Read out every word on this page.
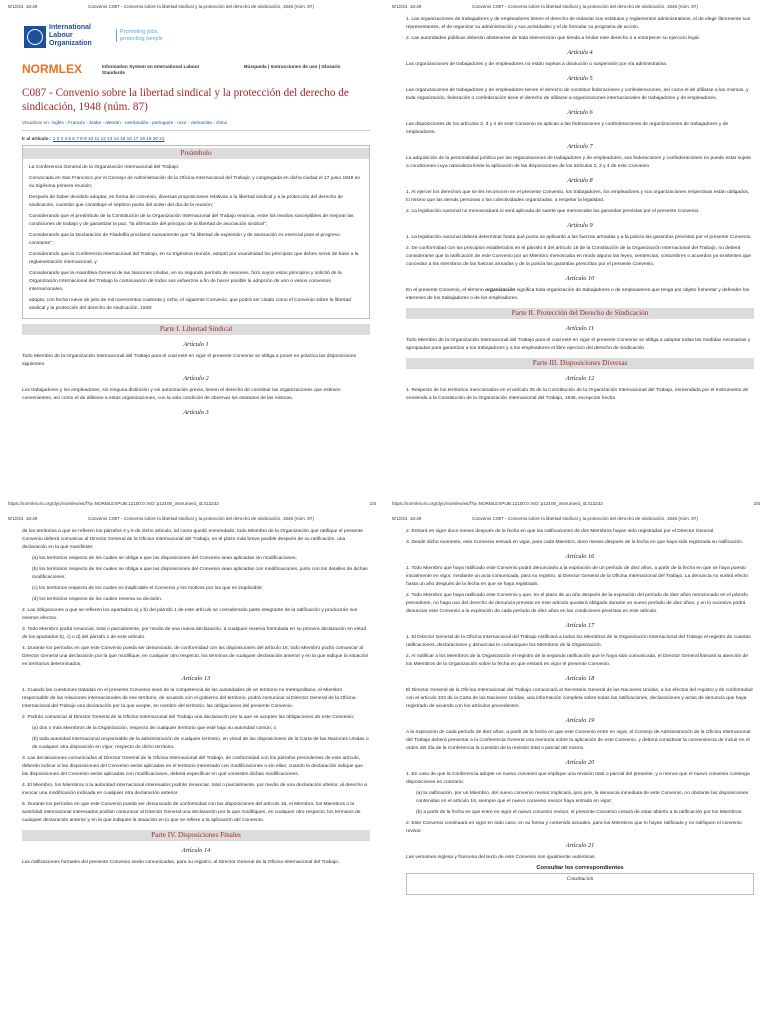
9/12/24, 16:49	Convenio C087 - Convenio sobre la libertad sindical y la protección del derecho de sindicación, 1948 (núm. 87)
International
Labour
Organization
Promoting jobs,
protecting people
NORMLEX	Information System on International Labour Standards
Búsqueda | Instrucciones de uso | Glosario
C087 - Convenio sobre la libertad sindical y la protección del derecho de sindicación, 1948 (núm. 87)
Visualizar en: Inglés - Francés - árabe - alemán - neerlandés - portugués - ruso - vietnamita - chino
Ir al artículo : 1 2 3 4 5 6 7 8 9 10 11 12 13 14 15 16 17 18 19 20 21
Preámbulo

La Conferencia General de la Organización Internacional del Trabajo:

Convocada en San Francisco por el Consejo de Administración de la Oficina Internacional del Trabajo, y congregada en dicha ciudad el 17 junio 1948 en su trigésima primera reunión;

Después de haber decidido adoptar, en forma de convenio, diversas proposiciones relativas a la libertad sindical y a la protección del derecho de sindicación, cuestión que constituye el séptimo punto del orden del día de la reunión;

Considerando que el preámbulo de la Constitución de la Organización Internacional del Trabajo enuncia, entre los medios susceptibles de mejorar las condiciones de trabajo y de garantizar la paz, "la afirmación del principio de la libertad de asociación sindical";

Considerando que la Declaración de Filadelfia proclamó nuevamente que "la libertad de expresión y de asociación es esencial para el progreso constante" ;

Considerando que la Conferencia Internacional del Trabajo, en su trigésima reunión, adoptó por unanimidad los principios que deben servir de base a la reglamentación internacional, y

Considerando que la Asamblea General de las Naciones Unidas, en su segundo período de sesiones, hizo suyos estos principios y solicitó de la Organización Internacional del Trabajo la continuación de todos sus esfuerzos a fin de hacer posible la adopción de uno o varios convenios internacionales,

adopta, con fecha nueve de julio de mil novecientos cuarenta y ocho, el siguiente Convenio, que podrá ser citado como el Convenio sobre la libertad sindical y la protección del derecho de sindicación, 1948:

Parte I. Libertad Sindical
Artículo 1

Todo Miembro de la Organización Internacional del Trabajo para el cual esté en vigor el presente Convenio se obliga a poner en práctica las disposiciones siguientes.

Artículo 2

Los trabajadores y los empleadores, sin ninguna distinción y sin autorización previa, tienen el derecho de constituir las organizaciones que estimen convenientes, así como el de afiliarse a estas organizaciones, con la sola condición de observar los estatutos de las mismas.

Artículo 3
https://normlex.ilo.org/dyn/normlex/es/f?p=NORMLEXPUB:12100:0::NO::p12100_instrument_id:312232	1/5
9/12/24, 16:49	Convenio C087 - Convenio sobre la libertad sindical y la protección del derecho de sindicación, 1948 (núm. 87)

1. Las organizaciones de trabajadores y de empleadores tienen el derecho de redactar sus estatutos y reglamentos administrativos, el de elegir libremente sus representantes, el de organizar su administración y sus actividades y el de formular su programa de acción.

2. Las autoridades públicas deberán abstenerse de toda intervención que tienda a limitar este derecho o a entorpecer su ejercicio legal.

Artículo 4

Las organizaciones de trabajadores y de empleadores no están sujetas a disolución o suspensión por vía administrativa.

Artículo 5

Las organizaciones de trabajadores y de empleadores tienen el derecho de constituir federaciones y confederaciones, así como el de afiliarse a las mismas, y toda organización, federación o confederación tiene el derecho de afiliarse a organizaciones internacionales de trabajadores y de empleadores.

Artículo 6

Las disposiciones de los artículos 2, 3 y 4 de este Convenio se aplican a las federaciones y confederaciones de organizaciones de trabajadores y de empleadores.

Artículo 7

La adquisición de la personalidad jurídica por las organizaciones de trabajadores y de empleadores, sus federaciones y confederaciones no puede estar sujeta a condiciones cuya naturaleza limite la aplicación de las disposiciones de los artículos 2, 3 y 4 de este Convenio

Artículo 8

1. Al ejercer los derechos que se les reconocen en el presente Convenio, los trabajadores, los empleadores y sus organizaciones respectivas están obligados, lo mismo que las demás personas o las colectividades organizadas, a respetar la legalidad.

2. La legislación nacional no menoscabará ni será aplicada de suerte que menoscabe las garantías previstas por el presente Convenio.

Artículo 9

1. La legislación nacional deberá determinar hasta qué punto se aplicarán a las fuerzas armadas y a la policía las garantías previstas por el presente Convenio.

2. De conformidad con los principios establecidos en el párrafo 8 del artículo 19 de la Constitución de la Organización Internacional del Trabajo, no deberá considerarse que la ratificación de este Convenio por un Miembro menoscaba en modo alguno las leyes, sentencias, costumbres o acuerdos ya existentes que concedan a los miembros de las fuerzas armadas y de la policía las garantías prescritas por el presente Convenio.

Artículo 10

En el presente Convenio, el término organización significa toda organización de trabajadores o de empleadores que tenga por objeto fomentar y defender los intereses de los trabajadores o de los empleadores.

Parte II. Protección del Derecho de Sindicación
Artículo 11

Todo Miembro de la Organización Internacional del Trabajo para el cual esté en vigor el presente Convenio se obliga a adoptar todas las medidas necesarias y apropiadas para garantizar a los trabajadores y a los empleadores el libre ejercicio del derecho de sindicación.

Parte III. Disposiciones Diversas
Artículo 12

1. Respecto de los territorios mencionados en el artículo 35 de la Constitución de la Organización Internacional del Trabajo, enmendada por el Instrumento de enmienda a la Constitución de la Organización Internacional del Trabajo, 1946, excepción hecha

https://normlex.ilo.org/dyn/normlex/es/f?p=NORMLEXPUB:12100:0::NO::p12100_instrument_id:312232	2/5
9/12/24, 16:49	Convenio C087 - Convenio sobre la libertad sindical y la protección del derecho de sindicación, 1948 (núm. 87)

de los territorios a que se refieren los párrafos 4 y 5 de dicho artículo, tal como quedó enmendado, todo Miembro de la Organización que ratifique el presente Convenio deberá comunicar al Director General de la Oficina Internacional del Trabajo, en el plazo más breve posible después de su ratificación, una declaración en la que manifieste:

(a) los territorios respecto de los cuales se obliga a que las disposiciones del Convenio sean aplicadas sin modificaciones;

(b) los territorios respecto de los cuales se obliga a que las disposiciones del Convenio sean aplicadas con modificaciones, junto con los detalles de dichas modificaciones;

(c) los territorios respecto de los cuales es inaplicable el Convenio y los motivos por los que es inaplicable;

(d) los territorios respecto de los cuales reserva su decisión.

2. Las obligaciones a que se refieren los apartados a) y b) del párrafo 1 de este artículo se considerarán parte integrante de la ratificación y producirán sus mismos efectos.

3. Todo Miembro podrá renunciar, total o parcialmente, por medio de una nueva declaración, a cualquier reserva formulada en su primera declaración en virtud de los apartados b), c) o d) del párrafo 1 de este artículo.

4. Durante los períodos en que este Convenio pueda ser denunciado, de conformidad con las disposiciones del artículo 16, todo Miembro podrá comunicar al Director General una declaración por la que modifique, en cualquier otro respecto, los términos de cualquier declaración anterior y en la que indique la situación en territorios determinados.

Artículo 13

1. Cuando las cuestiones tratadas en el presente Convenio sean de la competencia de las autoridades de un territorio no metropolitano, el Miembro responsable de las relaciones internacionales de ese territorio, de acuerdo con el gobierno del territorio, podrá comunicar al Director General de la Oficina Internacional del Trabajo una declaración por la que acepte, en nombre del territorio, las obligaciones del presente Convenio.

2. Podrán comunicar al Director General de la Oficina Internacional del Trabajo una declaración por la que se acepten las obligaciones de este Convenio:

(a) dos o más Miembros de la Organización, respecto de cualquier territorio que esté bajo su autoridad común; o

(b) toda autoridad internacional responsable de la administración de cualquier territorio, en virtud de las disposiciones de la Carta de las Naciones Unidas o de cualquier otra disposición en vigor, respecto de dicho territorio.

3. Las declaraciones comunicadas al Director General de la Oficina Internacional del Trabajo, de conformidad con los párrafos precedentes de este artículo, deberán indicar si las disposiciones del Convenio serán aplicadas en el territorio interesado con modificaciones o sin ellas; cuando la declaración indique que las disposiciones del Convenio serán aplicadas con modificaciones, deberá especificar en qué consisten dichas modificaciones.

4. El Miembro, los Miembros o la autoridad internacional interesados podrán renunciar, total o parcialmente, por medio de una declaración ulterior, al derecho a invocar una modificación indicada en cualquier otra declaración anterior.

5. Durante los períodos en que este Convenio pueda ser denunciado de conformidad con las disposiciones del artículo 16, el Miembro, los Miembros o la autoridad internacional interesados podrán comunicar al Director General una declaración por la que modifiquen, en cualquier otro respecto, los términos de cualquier declaración anterior y en la que indiquen la situación en lo que se refiere a la aplicación del Convenio.

Parte IV. Disposiciones Finales
Artículo 14

Las ratificaciones formales del presente Convenio serán comunicadas, para su registro, al Director General de la Oficina Internacional del Trabajo.

9/12/24, 16:49	Convenio C087 - Convenio sobre la libertad sindical y la protección del derecho de sindicación, 1948 (núm. 87)

2. Entrará en vigor doce meses después de la fecha en que las ratificaciones de dos Miembros hayan sido registradas por el Director General.

3. Desde dicho momento, este Convenio entrará en vigor, para cada Miembro, doce meses después de la fecha en que haya sido registrada su ratificación.

Artículo 16

1. Todo Miembro que haya ratificado este Convenio podrá denunciarlo a la expiración de un período de diez años, a partir de la fecha en que se haya puesto inicialmente en vigor, mediante un acta comunicada, para su registro, al Director General de la Oficina Internacional del Trabajo. La denuncia no surtirá efecto hasta un año después de la fecha en que se haya registrado.

2. Todo Miembro que haya ratificado este Convenio y que, en el plazo de un año después de la expiración del período de diez años mencionado en el párrafo precedente, no haga uso del derecho de denuncia previsto en este artículo quedará obligado durante un nuevo período de diez años, y en lo sucesivo podrá denunciar este Convenio a la expiración de cada período de diez años en las condiciones previstas en este artículo.

Artículo 17

1. El Director General de la Oficina Internacional del Trabajo notificará a todos los Miembros de la Organización Internacional del Trabajo el registro de cuantas ratificaciones, declaraciones y denuncias le comuniquen los Miembros de la Organización.

2. Al notificar a los Miembros de la Organización el registro de la segunda ratificación que le haya sido comunicada, el Director General llamará la atención de los Miembros de la Organización sobre la fecha en que entrará en vigor el presente Convenio.

Artículo 18

El Director General de la Oficina Internacional del Trabajo comunicará al Secretario General de las Naciones Unidas, a los efectos del registro y de conformidad con el artículo 102 de la Carta de las Naciones Unidas, una información completa sobre todas las ratificaciones, declaraciones y actas de denuncia que haya registrado de acuerdo con los artículos precedentes.

Artículo 19

A la expiración de cada período de diez años, a partir de la fecha en que este Convenio entre en vigor, el Consejo de Administración de la Oficina Internacional del Trabajo deberá presentar a la Conferencia General una memoria sobre la aplicación de este Convenio, y deberá considerar la conveniencia de incluir en el orden del día de la Conferencia la cuestión de la revisión total o parcial del mismo.

Artículo 20

1. En caso de que la Conferencia adopte un nuevo convenio que implique una revisión total o parcial del presente, y a menos que el nuevo convenio contenga disposiciones en contrario:

(a) la ratificación, por un Miembro, del nuevo convenio revisor implicará, ipso jure, la denuncia inmediata de este Convenio, no obstante las disposiciones contenidas en el artículo 16, siempre que el nuevo convenio revisor haya entrado en vigor;

(b) a partir de la fecha en que entre en vigor el nuevo convenio revisor, el presente Convenio cesará de estar abierto a la ratificación por los Miembros.

2. Este Convenio continuará en vigor en todo caso, en su forma y contenido actuales, para los Miembros que lo hayan ratificado y no ratifiquen el convenio revisor.

Artículo 21

Las versiones inglesa y francesa del texto de este Convenio son igualmente auténticas.

Consultar los correspondientes
Constitución
